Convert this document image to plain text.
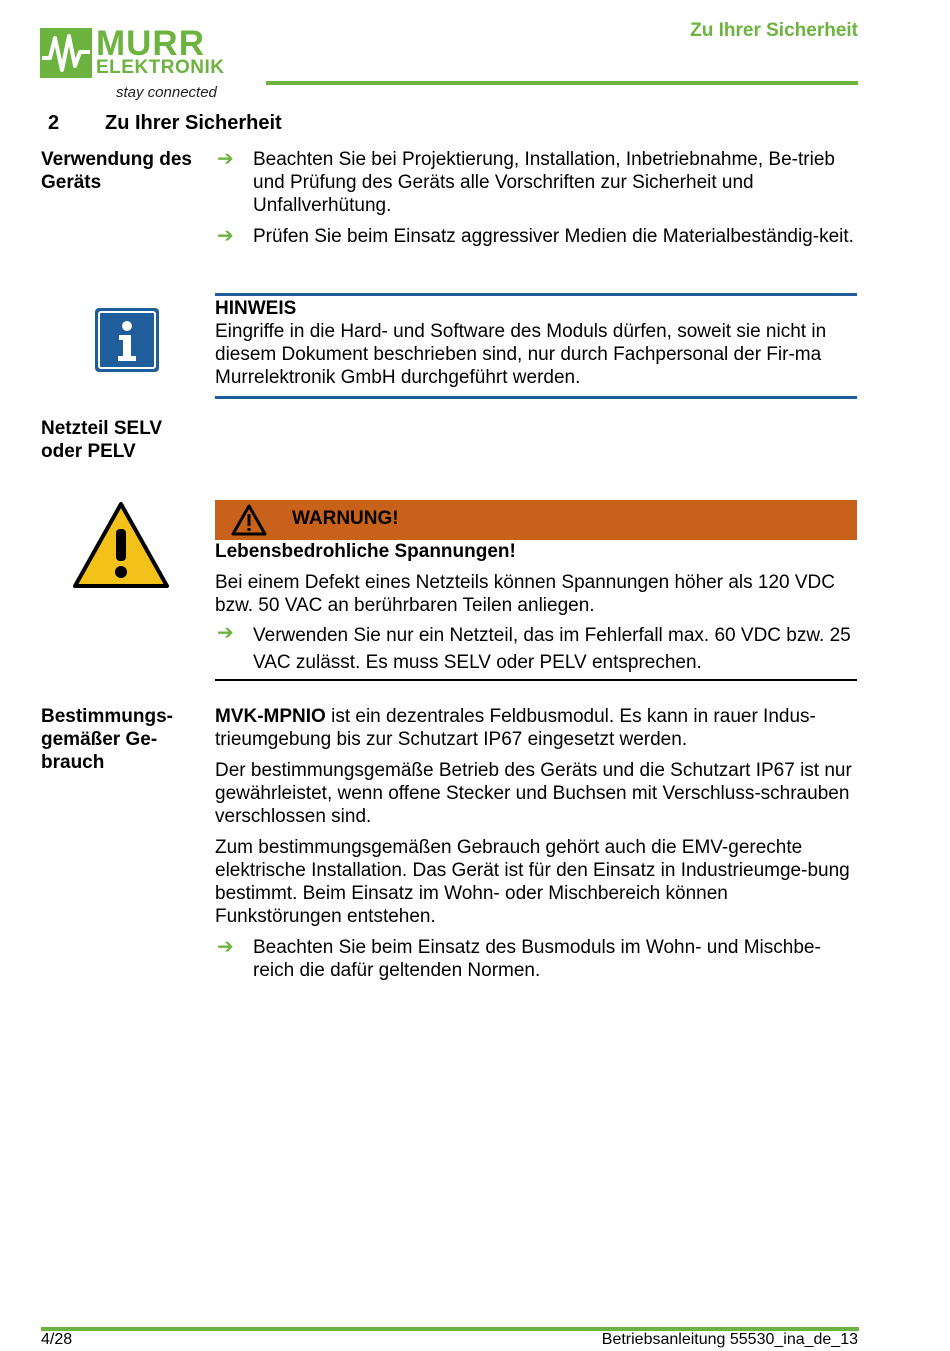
MURR
ELEKTRONIK
stay connected
Zu Ihrer Sicherheit
2 Zu Ihrer Sicherheit
Verwendung des Geräts
➔ Beachten Sie bei Projektierung, Installation, Inbetriebnahme, Be-trieb und Prüfung des Geräts alle Vorschriften zur Sicherheit und Unfallverhütung.
➔ Prüfen Sie beim Einsatz aggressiver Medien die Materialbeständig-keit.
HINWEIS
Eingriffe in die Hard- und Software des Moduls dürfen, soweit sie nicht in diesem Dokument beschrieben sind, nur durch Fachpersonal der Fir-ma Murrelektronik GmbH durchgeführt werden.
Netzteil SELV oder PELV
WARNUNG!
Lebensbedrohliche Spannungen!
Bei einem Defekt eines Netzteils können Spannungen höher als 120 VDC bzw. 50 VAC an berührbaren Teilen anliegen.
➔ Verwenden Sie nur ein Netzteil, das im Fehlerfall max. 60 VDC bzw. 25 VAC zulässt. Es muss SELV oder PELV entsprechen.
Bestimmungs-gemäßer Ge-brauch
MVK-MPNIO ist ein dezentrales Feldbusmodul. Es kann in rauer Indus-trieumgebung bis zur Schutzart IP67 eingesetzt werden.
Der bestimmungsgemäße Betrieb des Geräts und die Schutzart IP67 ist nur gewährleistet, wenn offene Stecker und Buchsen mit Verschluss-schrauben verschlossen sind.
Zum bestimmungsgemäßen Gebrauch gehört auch die EMV-gerechte elektrische Installation. Das Gerät ist für den Einsatz in Industrieumge-bung bestimmt. Beim Einsatz im Wohn- oder Mischbereich können Funkstörungen entstehen.
➔ Beachten Sie beim Einsatz des Busmoduls im Wohn- und Mischbe-reich die dafür geltenden Normen.
4/28	Betriebsanleitung 55530_ina_de_13
